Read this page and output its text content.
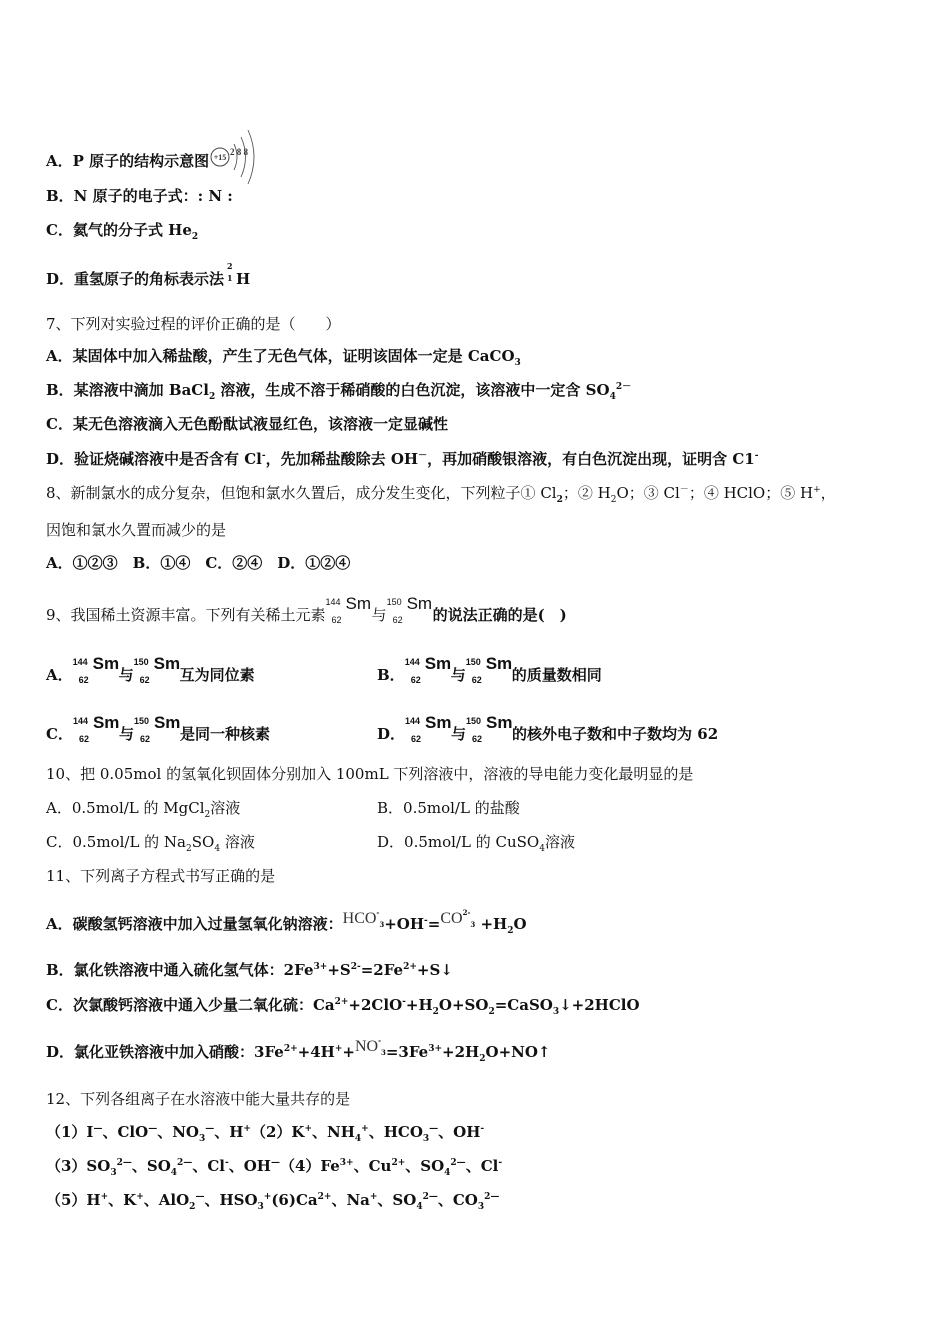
A．P 原子的结构示意图 +15
2 8 8
B．N 原子的电子式：: N :
C．氦气的分子式 $He_2$
D．重氢原子的角标表示法
2
1 H
7、下列对实验过程的评价正确的是（　　）
A．某固体中加入稀盐酸，产生了无色气体，证明该固体一定是 CaCO$_3$
B．某溶液中滴加 BaCl$_2$ 溶液，生成不溶于稀硝酸的白色沉淀，该溶液中一定含 $SO_4^{2-}$
C．某无色溶液滴入无色酚酞试液显红色，该溶液一定显碱性
D．验证烧碱溶液中是否含有 Cl-，先加稀盐酸除去 OH－，再加硝酸银溶液，有白色沉淀出现，证明含 C1-
8、新制氯水的成分复杂，但饱和氯水久置后，成分发生变化，下列粒子① $Cl_2$；② $H_2O$；③ Cl－；④ HClO；⑤ H+，
因饱和氯水久置而减少的是
A．①②③　B．①④　C．②④　D．①②④
9、我国稀土资源丰富。下列有关稀土元素
144
62
Sm
与
150
62
Sm
的说法正确的是(　)
A．
144
62
Sm
与
150
62
Sm
互为同位素	B．
144
62
Sm
与
150
62
Sm
的质量数相同
C．
144
62
Sm
与
150
62
Sm
是同一种核素	D．
144
62
Sm
与
150
62
Sm
的核外电子数和中子数均为 62
10、把 0.05mol 的氢氧化钡固体分别加入 100mL 下列溶液中，溶液的导电能力变化最明显的是
A．0.5mol/L 的 MgCl$_2$溶液	B．0.5mol/L 的盐酸
C．0.5mol/L 的 $Na_2SO_4$ 溶液	D．0.5mol/L 的 CuSO$_4$溶液
11、下列离子方程式书写正确的是
A．碳酸氢钙溶液中加入过量氢氧化钠溶液：$HCO^{-3}+OH^-=CO^{2-3} +H_2O$
B．氯化铁溶液中通入硫化氢气体：$2Fe^{3+}+S^{2-}=2Fe^{2+}+S↓$
C．次氯酸钙溶液中通入少量二氧化硫：$Ca^{2+}+2ClO^-+H_2O+SO_2=CaSO_3↓+2HClO$
D．氯化亚铁溶液中加入硝酸：$3Fe^{2+}+4H^++NO^{-3}=3Fe^{3+}+2H_2O+NO↑$
12、下列各组离子在水溶液中能大量共存的是
（1）I—、ClO—、$NO_3^—$、H+（2）K+、$NH_4^+$、$HCO_3^—$、OH-
$(3)SO_3^{2—}$、$SO_4^{2—}$、Cl-、$OH^—(4)Fe^{3+}$、$Cu^{2+}$、$SO_4^{2—}$、Cl-
（5）H+、K+、AlO$_2$—、$HSO_3^+(6)Ca^{2+}$、Na+、$SO_4^{2—}$、$CO_3^{2—}$
